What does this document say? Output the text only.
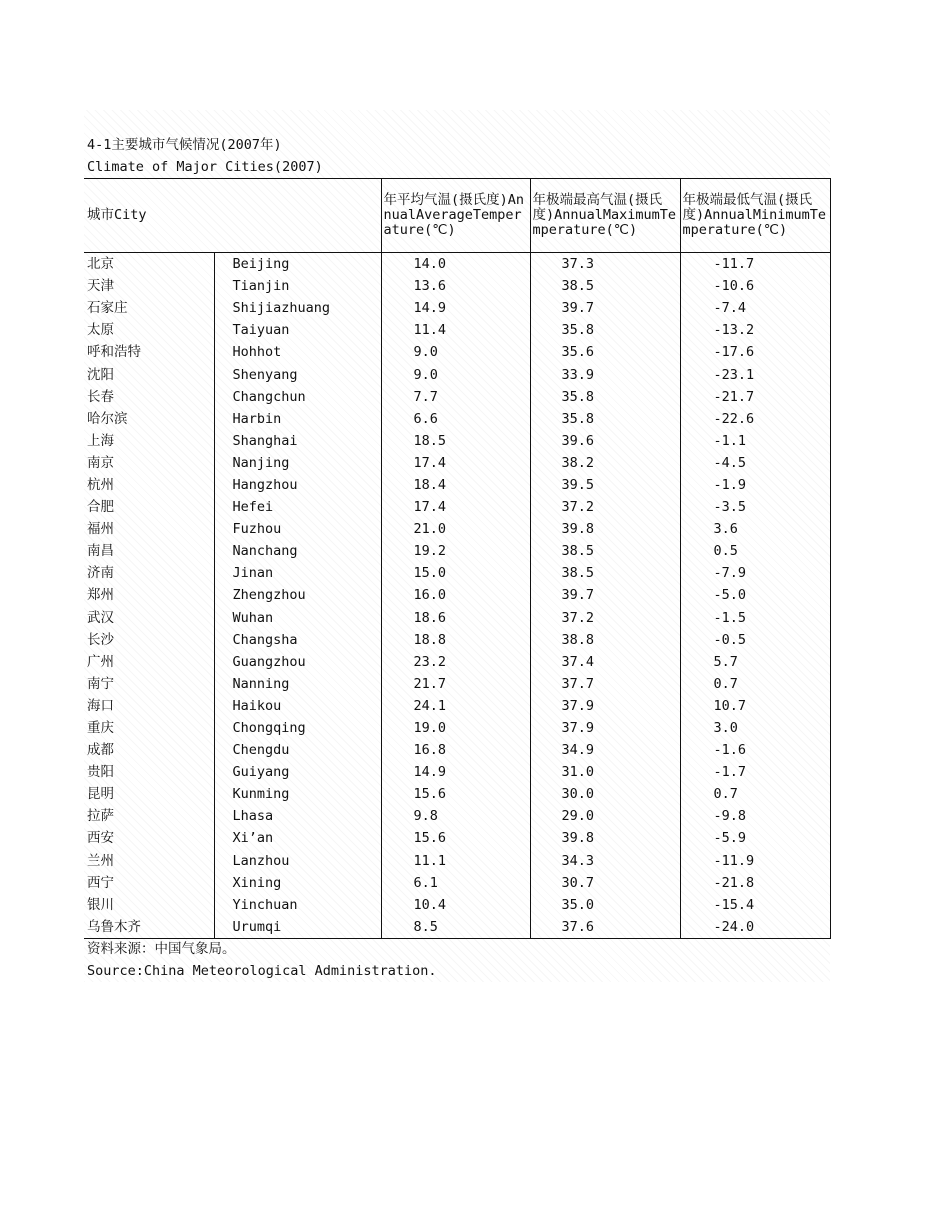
4-1主要城市气候情况(2007年)
Climate of Major Cities(2007)
城市City		年平均气温(摄氏度)AnnualAverageTemperature(℃)	年极端最高气温(摄氏度)AnnualMaximumTemperature(℃)	年极端最低气温(摄氏度)AnnualMinimumTemperature(℃)
北京	Beijing	14.0	37.3	-11.7
天津	Tianjin	13.6	38.5	-10.6
石家庄	Shijiazhuang	14.9	39.7	-7.4
太原	Taiyuan	11.4	35.8	-13.2
呼和浩特	Hohhot	9.0	35.6	-17.6
沈阳	Shenyang	9.0	33.9	-23.1
长春	Changchun	7.7	35.8	-21.7
哈尔滨	Harbin	6.6	35.8	-22.6
上海	Shanghai	18.5	39.6	-1.1
南京	Nanjing	17.4	38.2	-4.5
杭州	Hangzhou	18.4	39.5	-1.9
合肥	Hefei	17.4	37.2	-3.5
福州	Fuzhou	21.0	39.8	3.6
南昌	Nanchang	19.2	38.5	0.5
济南	Jinan	15.0	38.5	-7.9
郑州	Zhengzhou	16.0	39.7	-5.0
武汉	Wuhan	18.6	37.2	-1.5
长沙	Changsha	18.8	38.8	-0.5
广州	Guangzhou	23.2	37.4	5.7
南宁	Nanning	21.7	37.7	0.7
海口	Haikou	24.1	37.9	10.7
重庆	Chongqing	19.0	37.9	3.0
成都	Chengdu	16.8	34.9	-1.6
贵阳	Guiyang	14.9	31.0	-1.7
昆明	Kunming	15.6	30.0	0.7
拉萨	Lhasa	9.8	29.0	-9.8
西安	Xi’an	15.6	39.8	-5.9
兰州	Lanzhou	11.1	34.3	-11.9
西宁	Xining	6.1	30.7	-21.8
银川	Yinchuan	10.4	35.0	-15.4
乌鲁木齐	Urumqi	8.5	37.6	-24.0
资料来源：中国气象局。
Source:China Meteorological Administration.
